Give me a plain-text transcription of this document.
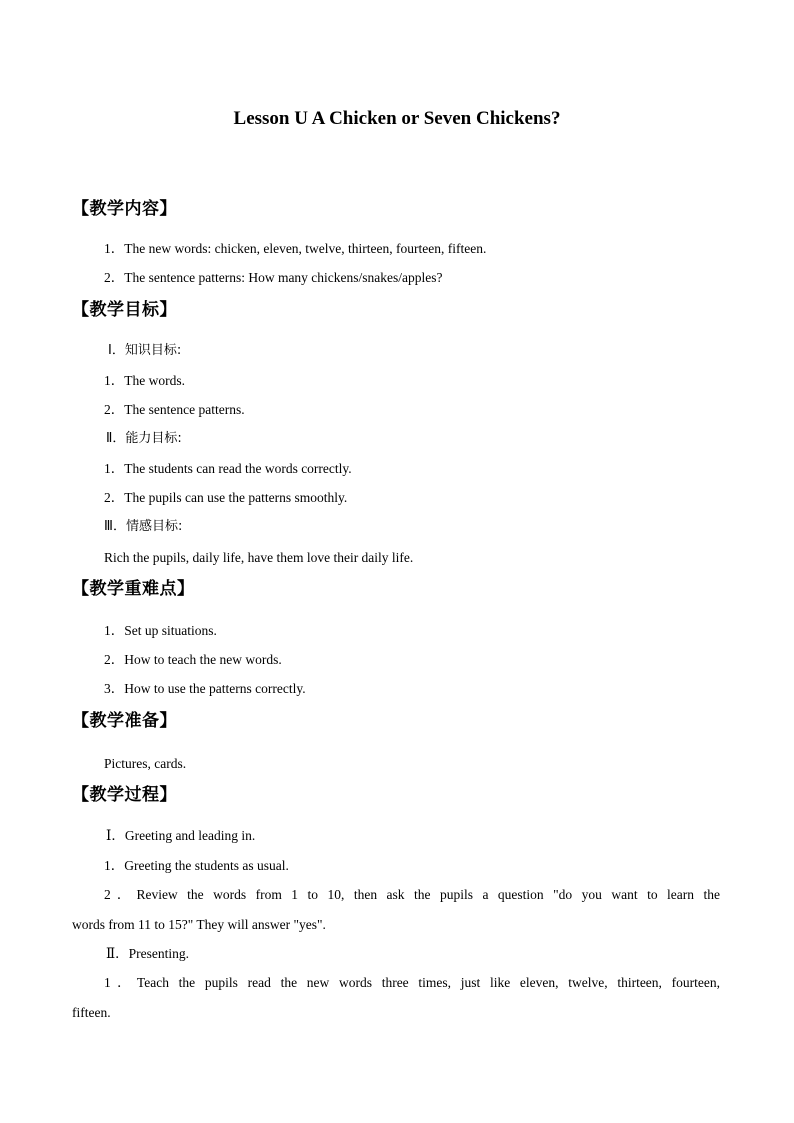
Lesson U A Chicken or Seven Chickens?
【教学内容】
1．The new words: chicken, eleven, twelve, thirteen, fourteen, fifteen.
2．The sentence patterns: How many chickens/snakes/apples?
【教学目标】
Ⅰ．知识目标:
1．The words.
2．The sentence patterns.
Ⅱ．能力目标:
1．The students can read the words correctly.
2．The pupils can use the patterns smoothly.
Ⅲ．情感目标:
Rich the pupils, daily life, have them love their daily life.
【教学重难点】
1．Set up situations.
2．How to teach the new words.
3．How to use the patterns correctly.
【教学准备】
Pictures, cards.
【教学过程】
Ⅰ．Greeting and leading in.
1．Greeting the students as usual.
2．Review the words from 1 to 10, then ask the pupils a question "do you want to learn the
words from 11 to 15?" They will answer "yes".
Ⅱ．Presenting.
1．Teach the pupils read the new words three times, just like eleven, twelve, thirteen, fourteen,
fifteen.
